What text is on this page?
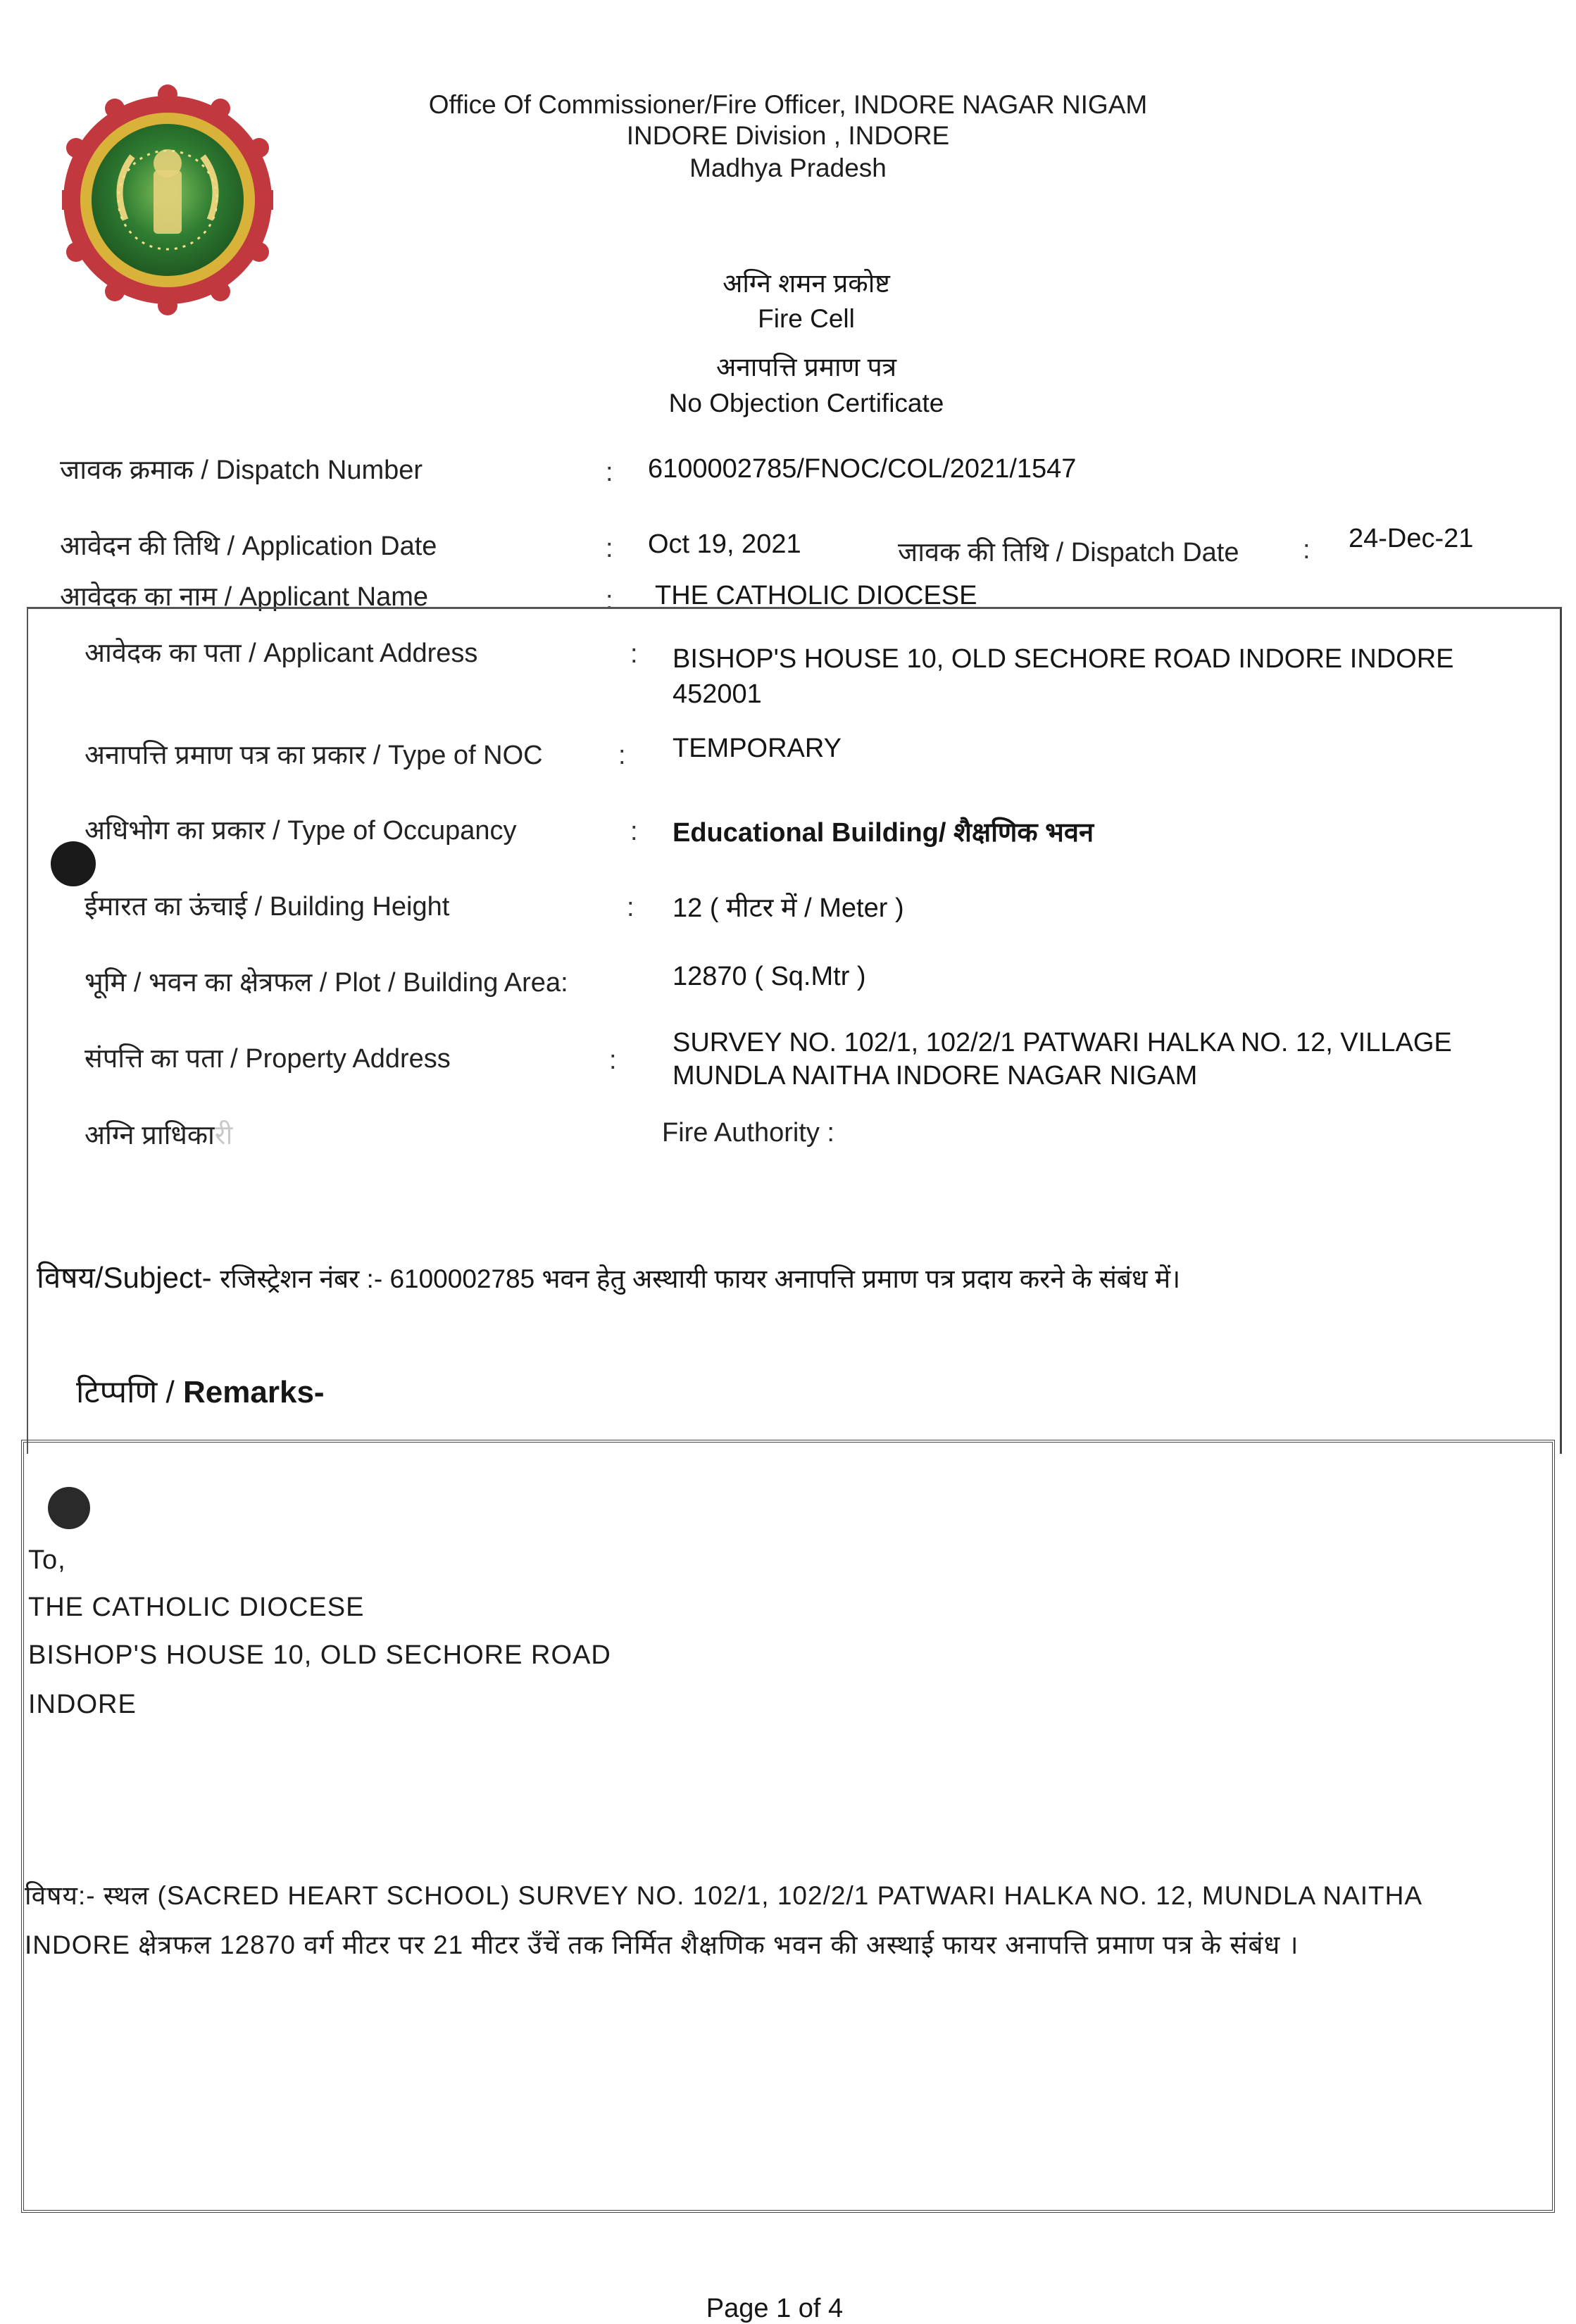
Office Of Commissioner/Fire Officer, INDORE NAGAR NIGAM
INDORE Division , INDORE
Madhya Pradesh
अग्नि शमन प्रकोष्ट
Fire Cell
अनापत्ति प्रमाण पत्र
No Objection Certificate
जावक क्रमाक / Dispatch Number	: 6100002785/FNOC/COL/2021/1547
आवेदन की तिथि / Application Date	: Oct 19, 2021	जावक की तिथि / Dispatch Date : 24-Dec-21
आवेदक का नाम / Applicant Name	: THE CATHOLIC DIOCESE
आवेदक का पता / Applicant Address	: BISHOP'S HOUSE 10, OLD SECHORE ROAD INDORE INDORE
452001
अनापत्ति प्रमाण पत्र का प्रकार / Type of NOC	: TEMPORARY
अधिभोग का प्रकार / Type of Occupancy	: Educational Building/ शैक्षणिक भवन
ईमारत का ऊंचाई / Building Height	: 12 ( मीटर में / Meter )
भूमि / भवन का क्षेत्रफल / Plot / Building Area:	12870 ( Sq.Mtr )
संपत्ति का पता / Property Address	:
SURVEY NO. 102/1, 102/2/1 PATWARI HALKA NO. 12, VILLAGE
MUNDLA NAITHA INDORE NAGAR NIGAM
अग्नि प्राधिकारी	Fire Authority :
विषय/Subject- रजिस्ट्रेशन नंबर :- 6100002785 भवन हेतु अस्थायी फायर अनापत्ति प्रमाण पत्र प्रदाय करने के संबंध में।
टिप्पणि / Remarks-
To,
THE CATHOLIC DIOCESE
BISHOP'S HOUSE 10, OLD SECHORE ROAD
INDORE
विषय:- स्थल (SACRED HEART SCHOOL) SURVEY NO. 102/1, 102/2/1 PATWARI HALKA NO. 12, MUNDLA NAITHA
INDORE क्षेत्रफल 12870 वर्ग मीटर पर 21 मीटर उँचें तक निर्मित शैक्षणिक भवन की अस्थाई फायर अनापत्ति प्रमाण पत्र के संबंध ।
Page 1 of 4
